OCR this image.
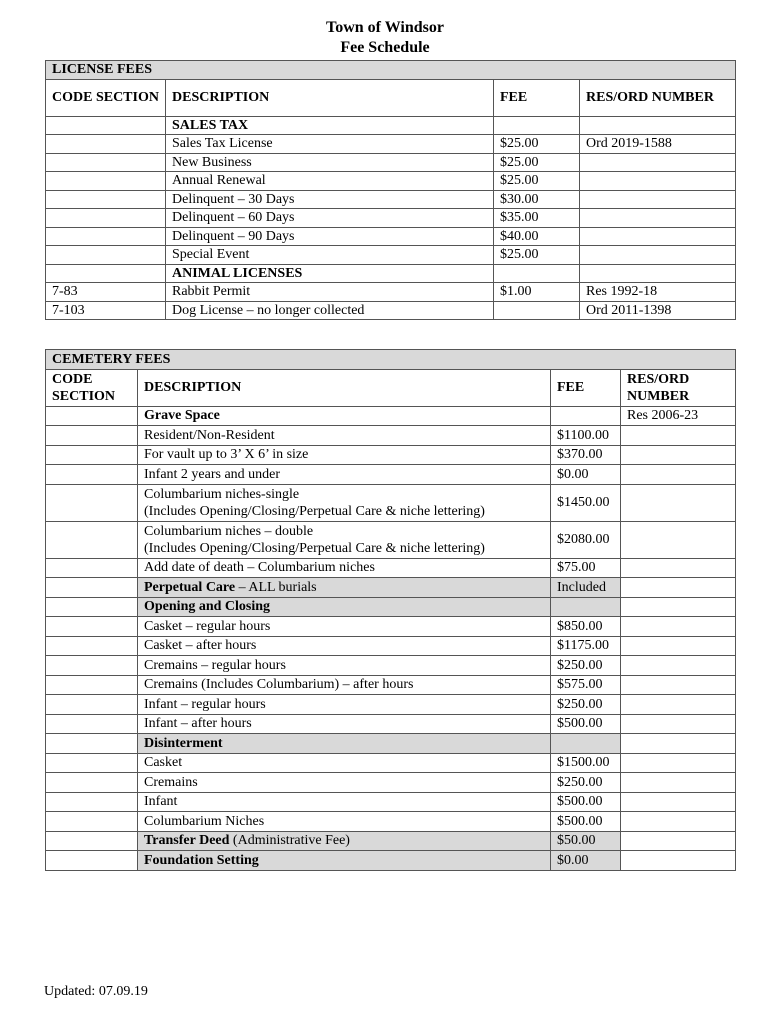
Town of Windsor
Fee Schedule
LICENSE FEES			
CODE SECTION	DESCRIPTION	FEE	RES/ORD NUMBER
	SALES TAX		
	Sales Tax License	$25.00	Ord 2019-1588
	New Business	$25.00	
	Annual Renewal	$25.00	
	Delinquent – 30 Days	$30.00	
	Delinquent – 60 Days	$35.00	
	Delinquent – 90 Days	$40.00	
	Special Event	$25.00	
	ANIMAL LICENSES		
7-83	Rabbit Permit	$1.00	Res 1992-18
7-103	Dog License – no longer collected		Ord 2011-1398
CEMETERY FEES			
CODE SECTION	DESCRIPTION	FEE	RES/ORD NUMBER
	Grave Space		Res 2006-23
	Resident/Non-Resident	$1100.00	
	For vault up to 3’ X 6’ in size	$370.00	
	Infant 2 years and under	$0.00	
	Columbarium niches-single
(Includes Opening/Closing/Perpetual Care & niche lettering)	$1450.00	
	Columbarium niches – double
(Includes Opening/Closing/Perpetual Care & niche lettering)	$2080.00	
	Add date of death – Columbarium niches	$75.00	
	Perpetual Care – ALL burials	Included	
	Opening and Closing		
	Casket – regular hours	$850.00	
	Casket – after hours	$1175.00	
	Cremains – regular hours	$250.00	
	Cremains (Includes Columbarium) – after hours	$575.00	
	Infant – regular hours	$250.00	
	Infant – after hours	$500.00	
	Disinterment		
	Casket	$1500.00	
	Cremains	$250.00	
	Infant	$500.00	
	Columbarium Niches	$500.00	
	Transfer Deed (Administrative Fee)	$50.00	
	Foundation Setting	$0.00	
Updated: 07.09.19
